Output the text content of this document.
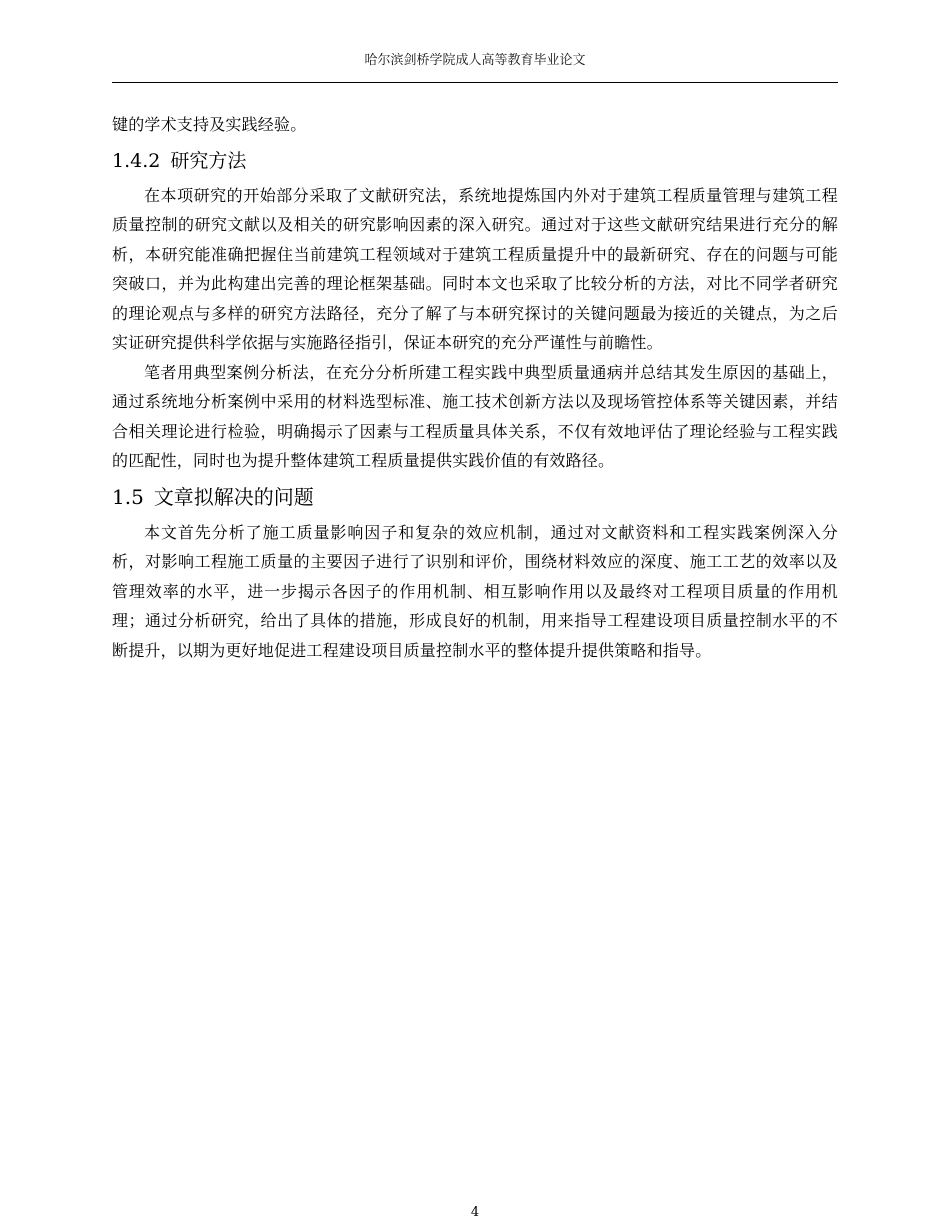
哈尔滨剑桥学院成人高等教育毕业论文

键的学术支持及实践经验。

1.4.2 研究方法

在本项研究的开始部分采取了文献研究法，系统地提炼国内外对于建筑工程质量管理与建筑工程质量控制的研究文献以及相关的研究影响因素的深入研究。通过对于这些文献研究结果进行充分的解析，本研究能准确把握住当前建筑工程领域对于建筑工程质量提升中的最新研究、存在的问题与可能突破口，并为此构建出完善的理论框架基础。同时本文也采取了比较分析的方法，对比不同学者研究的理论观点与多样的研究方法路径，充分了解了与本研究探讨的关键问题最为接近的关键点，为之后实证研究提供科学依据与实施路径指引，保证本研究的充分严谨性与前瞻性。

笔者用典型案例分析法，在充分分析所建工程实践中典型质量通病并总结其发生原因的基础上，通过系统地分析案例中采用的材料选型标准、施工技术创新方法以及现场管控体系等关键因素，并结合相关理论进行检验，明确揭示了因素与工程质量具体关系，不仅有效地评估了理论经验与工程实践的匹配性，同时也为提升整体建筑工程质量提供实践价值的有效路径。

1.5 文章拟解决的问题

本文首先分析了施工质量影响因子和复杂的效应机制，通过对文献资料和工程实践案例深入分析，对影响工程施工质量的主要因子进行了识别和评价，围绕材料效应的深度、施工工艺的效率以及管理效率的水平，进一步揭示各因子的作用机制、相互影响作用以及最终对工程项目质量的作用机理；通过分析研究，给出了具体的措施，形成良好的机制，用来指导工程建设项目质量控制水平的不断提升，以期为更好地促进工程建设项目质量控制水平的整体提升提供策略和指导。

4
